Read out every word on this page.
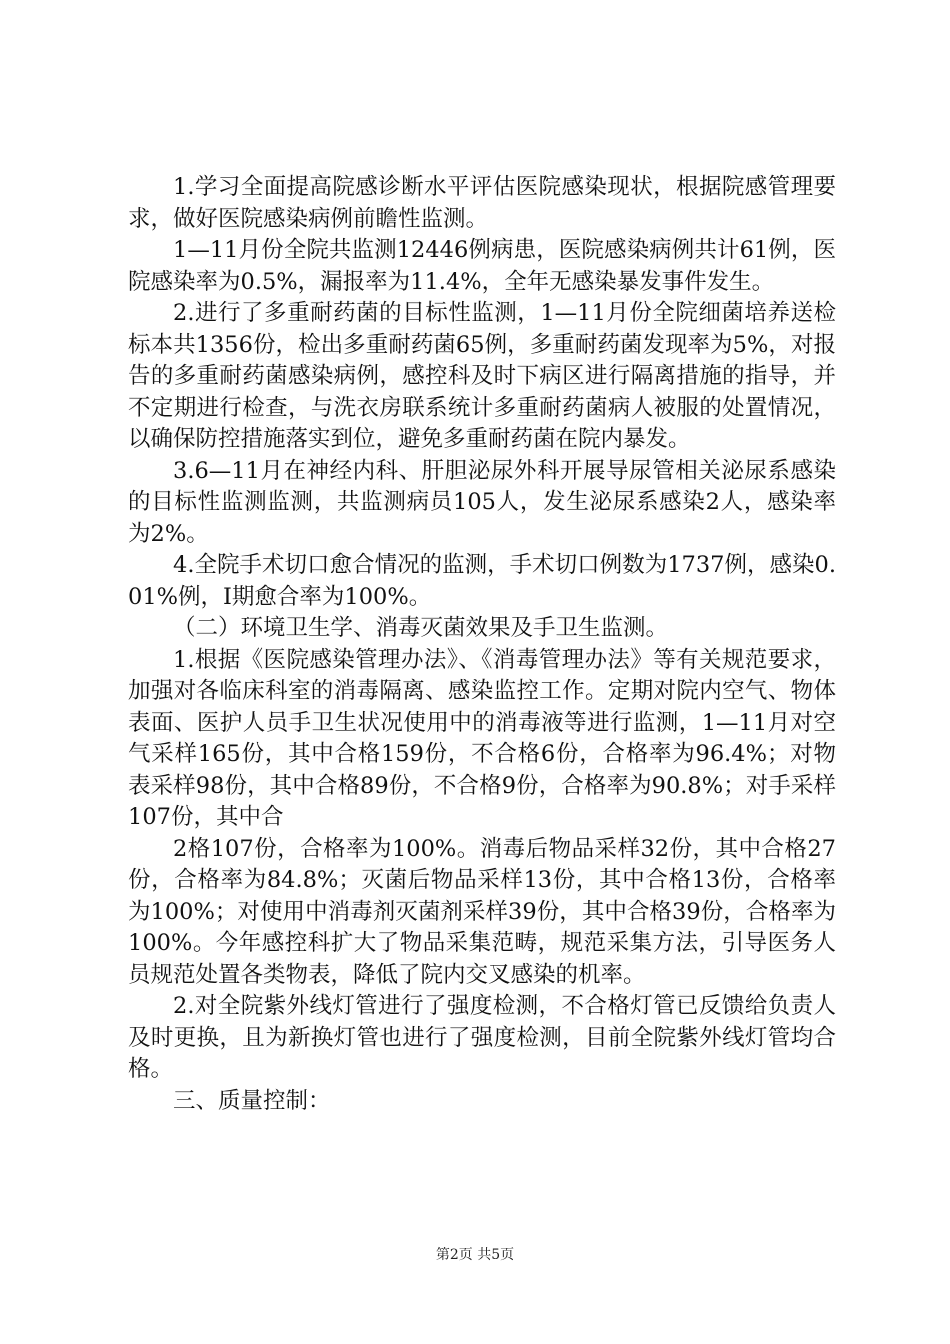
1.学习全面提高院感诊断水平评估医院感染现状，根据院感管理要求，做好医院感染病例前瞻性监测。

1—11月份全院共监测12446例病患，医院感染病例共计61例，医院感染率为0.5%，漏报率为11.4%，全年无感染暴发事件发生。

2.进行了多重耐药菌的目标性监测，1—11月份全院细菌培养送检标本共1356份，检出多重耐药菌65例，多重耐药菌发现率为5%，对报告的多重耐药菌感染病例，感控科及时下病区进行隔离措施的指导，并不定期进行检查，与洗衣房联系统计多重耐药菌病人被服的处置情况，以确保防控措施落实到位，避免多重耐药菌在院内暴发。

3.6—11月在神经内科、肝胆泌尿外科开展导尿管相关泌尿系感染的目标性监测监测，共监测病员105人，发生泌尿系感染2人，感染率为2%。

4.全院手术切口愈合情况的监测，手术切口例数为1737例，感染0.01%例，Ⅰ期愈合率为100%。

（二）环境卫生学、消毒灭菌效果及手卫生监测。

1.根据《医院感染管理办法》、《消毒管理办法》等有关规范要求，加强对各临床科室的消毒隔离、感染监控工作。定期对院内空气、物体表面、医护人员手卫生状况使用中的消毒液等进行监测，1—11月对空气采样165份，其中合格159份，不合格6份，合格率为96.4%；对物表采样98份，其中合格89份，不合格9份，合格率为90.8%；对手采样107份，其中合

2格107份，合格率为100%。消毒后物品采样32份，其中合格27份，合格率为84.8%；灭菌后物品采样13份，其中合格13份，合格率为100%；对使用中消毒剂灭菌剂采样39份，其中合格39份，合格率为100%。今年感控科扩大了物品采集范畴，规范采集方法，引导医务人员规范处置各类物表，降低了院内交叉感染的机率。

2.对全院紫外线灯管进行了强度检测，不合格灯管已反馈给负责人及时更换，且为新换灯管也进行了强度检测，目前全院紫外线灯管均合格。

三、质量控制：

第2页 共5页
